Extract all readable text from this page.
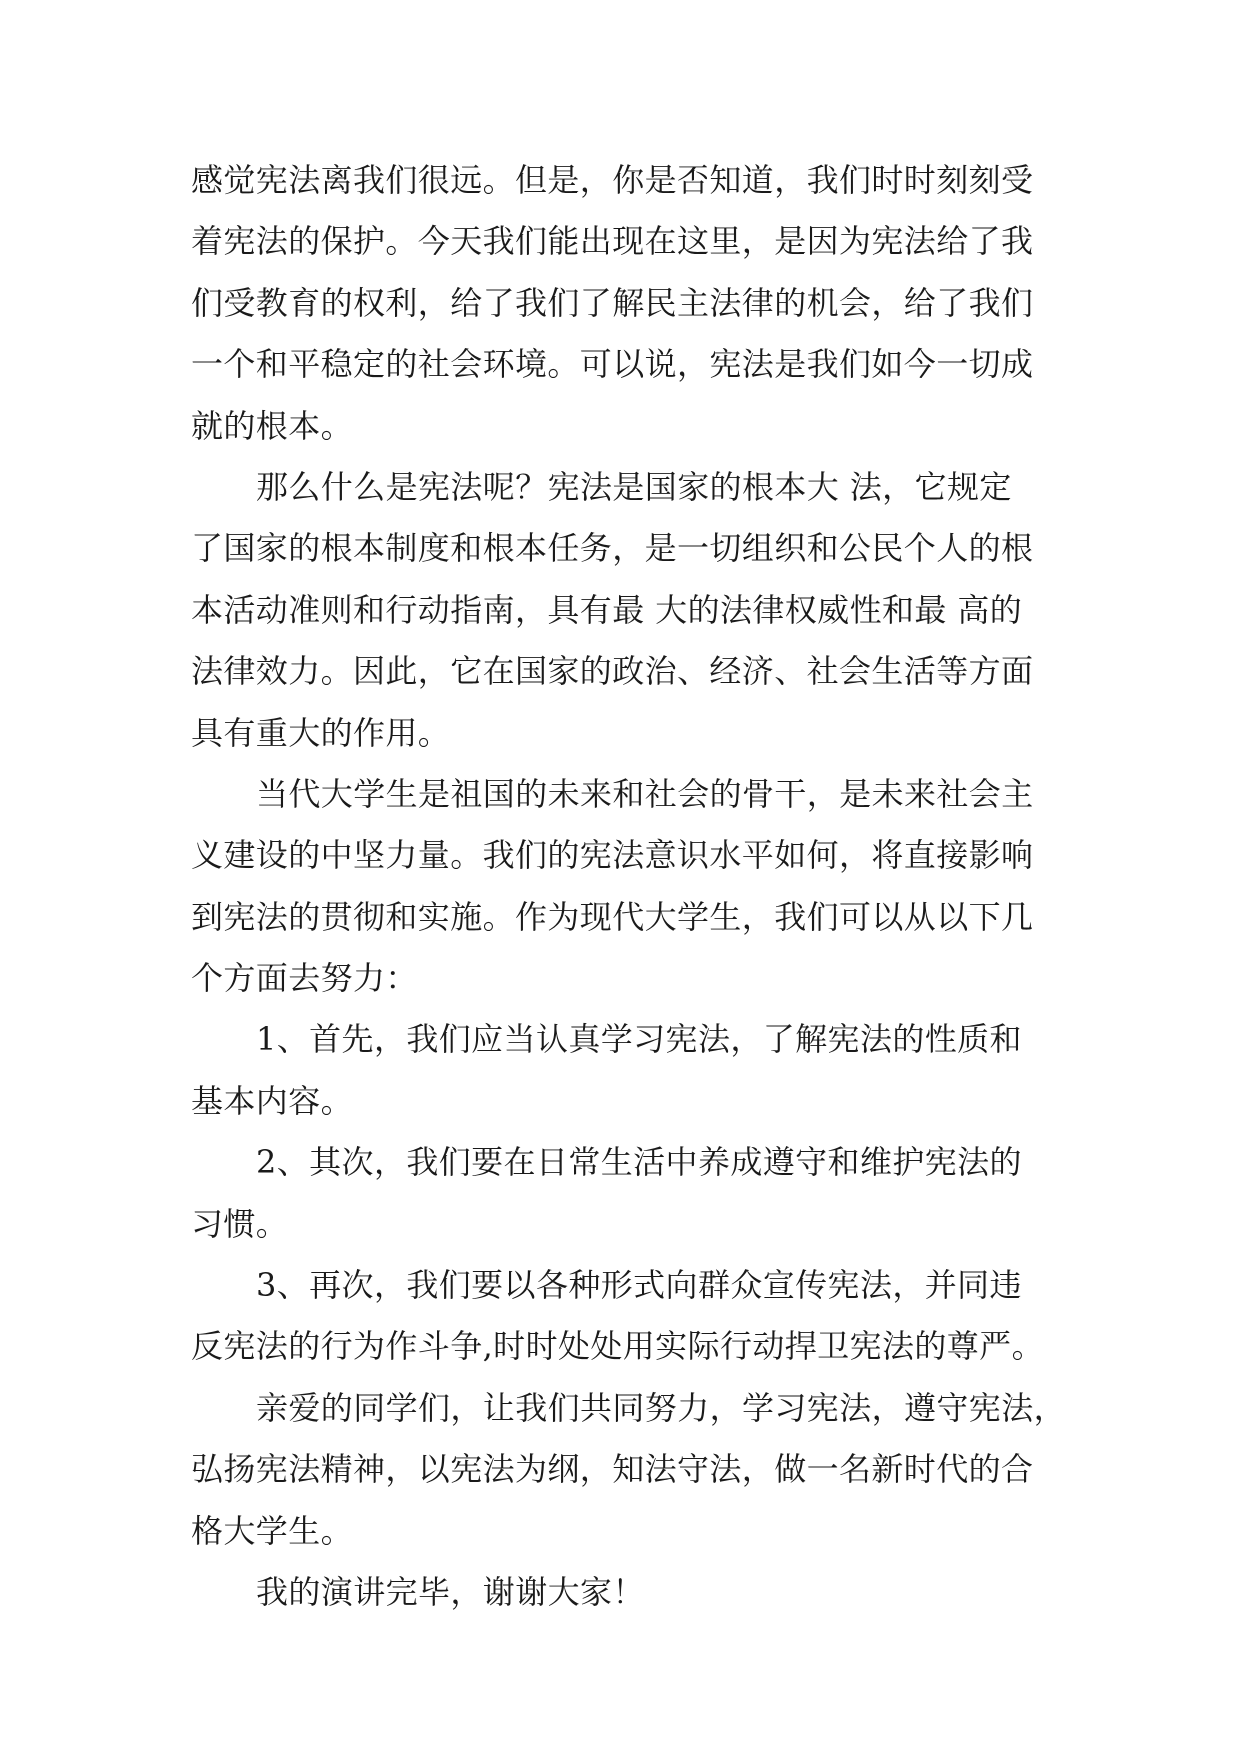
感觉宪法离我们很远。但是，你是否知道，我们时时刻刻受
着宪法的保护。今天我们能出现在这里，是因为宪法给了我
们受教育的权利，给了我们了解民主法律的机会，给了我们
一个和平稳定的社会环境。可以说，宪法是我们如今一切成
就的根本。
那么什么是宪法呢？宪法是国家的根本大 法，它规定
了国家的根本制度和根本任务，是一切组织和公民个人的根
本活动准则和行动指南，具有最 大的法律权威性和最 高的
法律效力。因此，它在国家的政治、经济、社会生活等方面
具有重大的作用。
当代大学生是祖国的未来和社会的骨干，是未来社会主
义建设的中坚力量。我们的宪法意识水平如何，将直接影响
到宪法的贯彻和实施。作为现代大学生，我们可以从以下几
个方面去努力：
1、首先，我们应当认真学习宪法，了解宪法的性质和
基本内容。
2、其次，我们要在日常生活中养成遵守和维护宪法的
习惯。
3、再次，我们要以各种形式向群众宣传宪法，并同违
反宪法的行为作斗争,时时处处用实际行动捍卫宪法的尊严。
亲爱的同学们，让我们共同努力，学习宪法，遵守宪法，
弘扬宪法精神，以宪法为纲，知法守法，做一名新时代的合
格大学生。
我的演讲完毕，谢谢大家！
